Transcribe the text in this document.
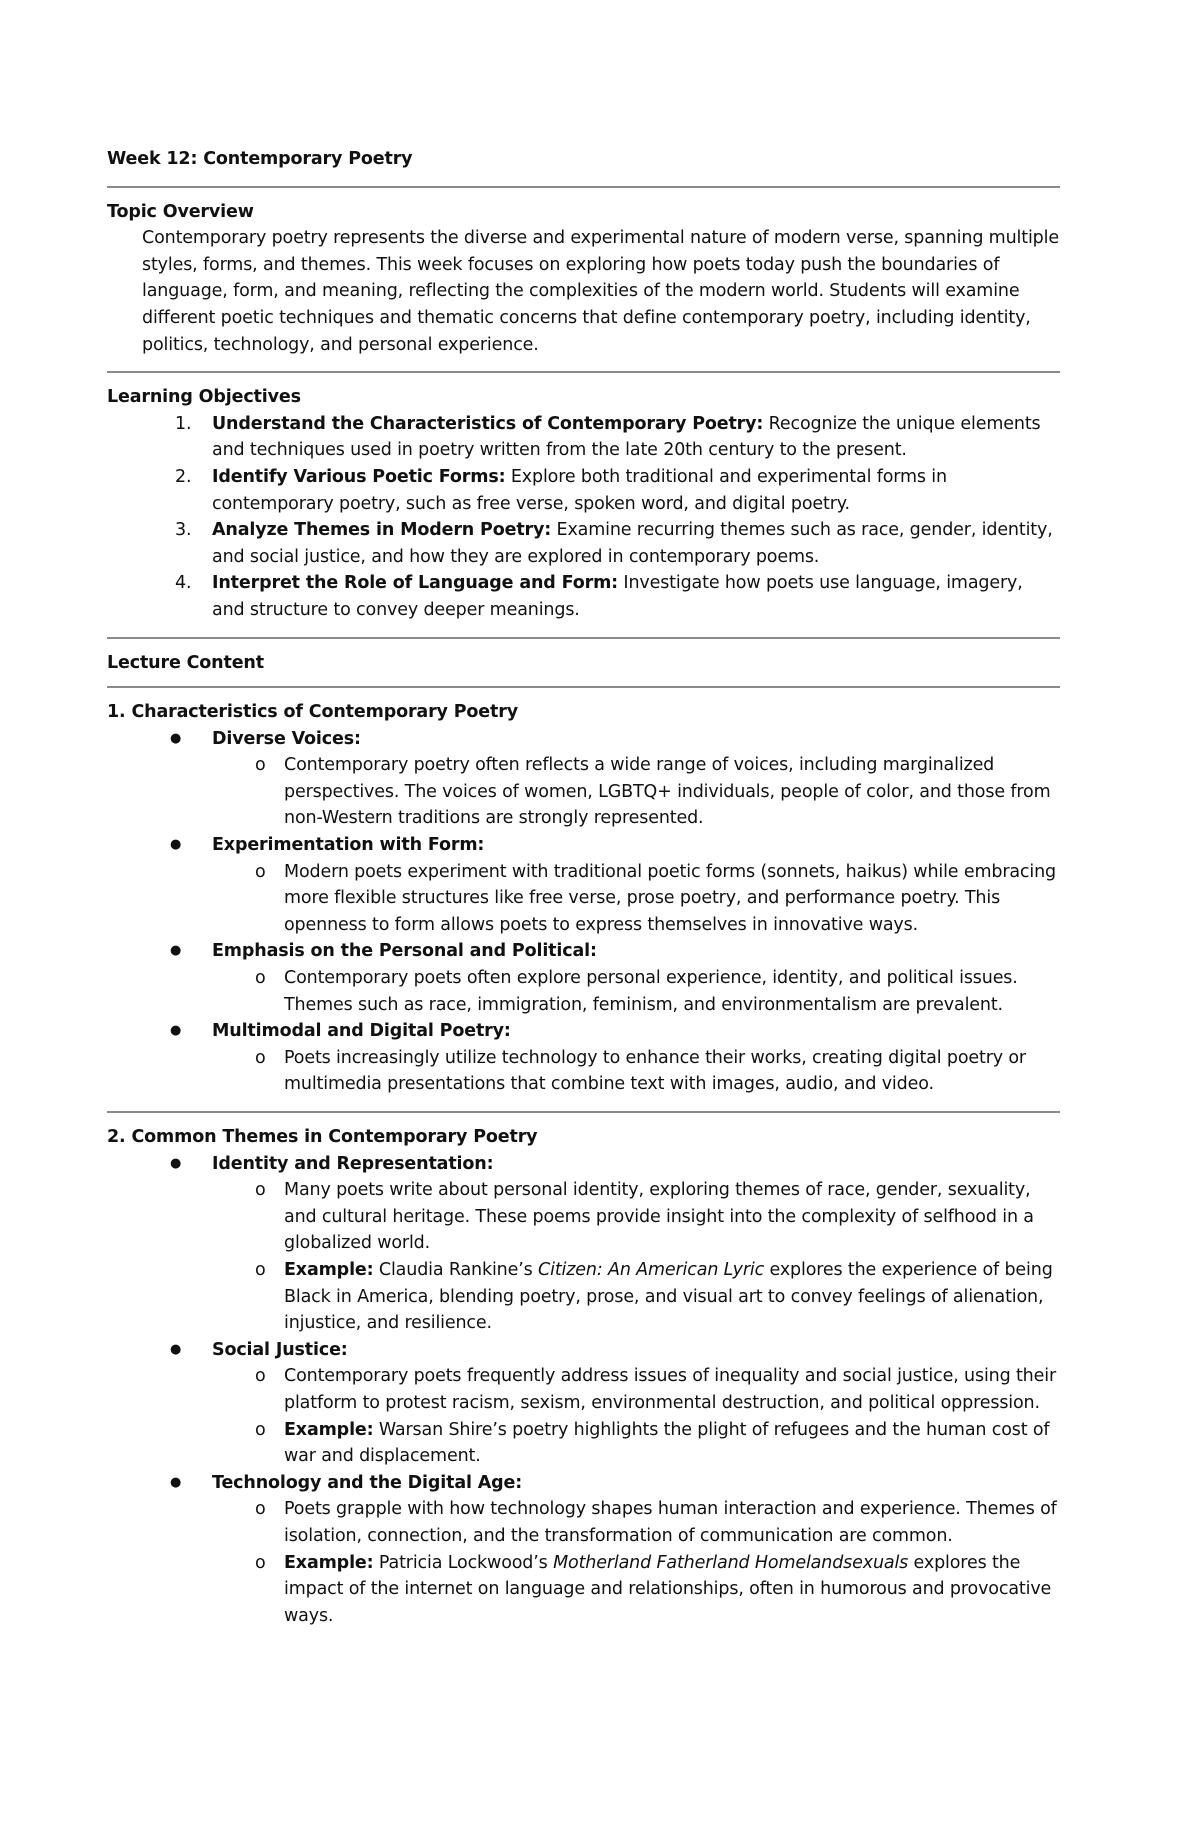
Week 12: Contemporary Poetry
Topic Overview

Contemporary poetry represents the diverse and experimental nature of modern verse, spanning multiple styles, forms, and themes. This week focuses on exploring how poets today push the boundaries of language, form, and meaning, reflecting the complexities of the modern world. Students will examine different poetic techniques and thematic concerns that define contemporary poetry, including identity, politics, technology, and personal experience.

Learning Objectives
1. Understand the Characteristics of Contemporary Poetry: Recognize the unique elements and techniques used in poetry written from the late 20th century to the present.
2. Identify Various Poetic Forms: Explore both traditional and experimental forms in contemporary poetry, such as free verse, spoken word, and digital poetry.
3. Analyze Themes in Modern Poetry: Examine recurring themes such as race, gender, identity, and social justice, and how they are explored in contemporary poems.
4. Interpret the Role of Language and Form: Investigate how poets use language, imagery, and structure to convey deeper meanings.
Lecture Content
1. Characteristics of Contemporary Poetry
● Diverse Voices:
o Contemporary poetry often reflects a wide range of voices, including marginalized perspectives. The voices of women, LGBTQ+ individuals, people of color, and those from non-Western traditions are strongly represented.
● Experimentation with Form:
o Modern poets experiment with traditional poetic forms (sonnets, haikus) while embracing more flexible structures like free verse, prose poetry, and performance poetry. This openness to form allows poets to express themselves in innovative ways.
● Emphasis on the Personal and Political:
o Contemporary poets often explore personal experience, identity, and political issues. Themes such as race, immigration, feminism, and environmentalism are prevalent.
● Multimodal and Digital Poetry:
o Poets increasingly utilize technology to enhance their works, creating digital poetry or multimedia presentations that combine text with images, audio, and video.
2. Common Themes in Contemporary Poetry
● Identity and Representation:
o Many poets write about personal identity, exploring themes of race, gender, sexuality, and cultural heritage. These poems provide insight into the complexity of selfhood in a globalized world.
o Example: Claudia Rankine’s Citizen: An American Lyric explores the experience of being Black in America, blending poetry, prose, and visual art to convey feelings of alienation, injustice, and resilience.
● Social Justice:
o Contemporary poets frequently address issues of inequality and social justice, using their platform to protest racism, sexism, environmental destruction, and political oppression.
o Example: Warsan Shire’s poetry highlights the plight of refugees and the human cost of war and displacement.
● Technology and the Digital Age:
o Poets grapple with how technology shapes human interaction and experience. Themes of isolation, connection, and the transformation of communication are common.
o Example: Patricia Lockwood’s Motherland Fatherland Homelandsexuals explores the impact of the internet on language and relationships, often in humorous and provocative ways.
